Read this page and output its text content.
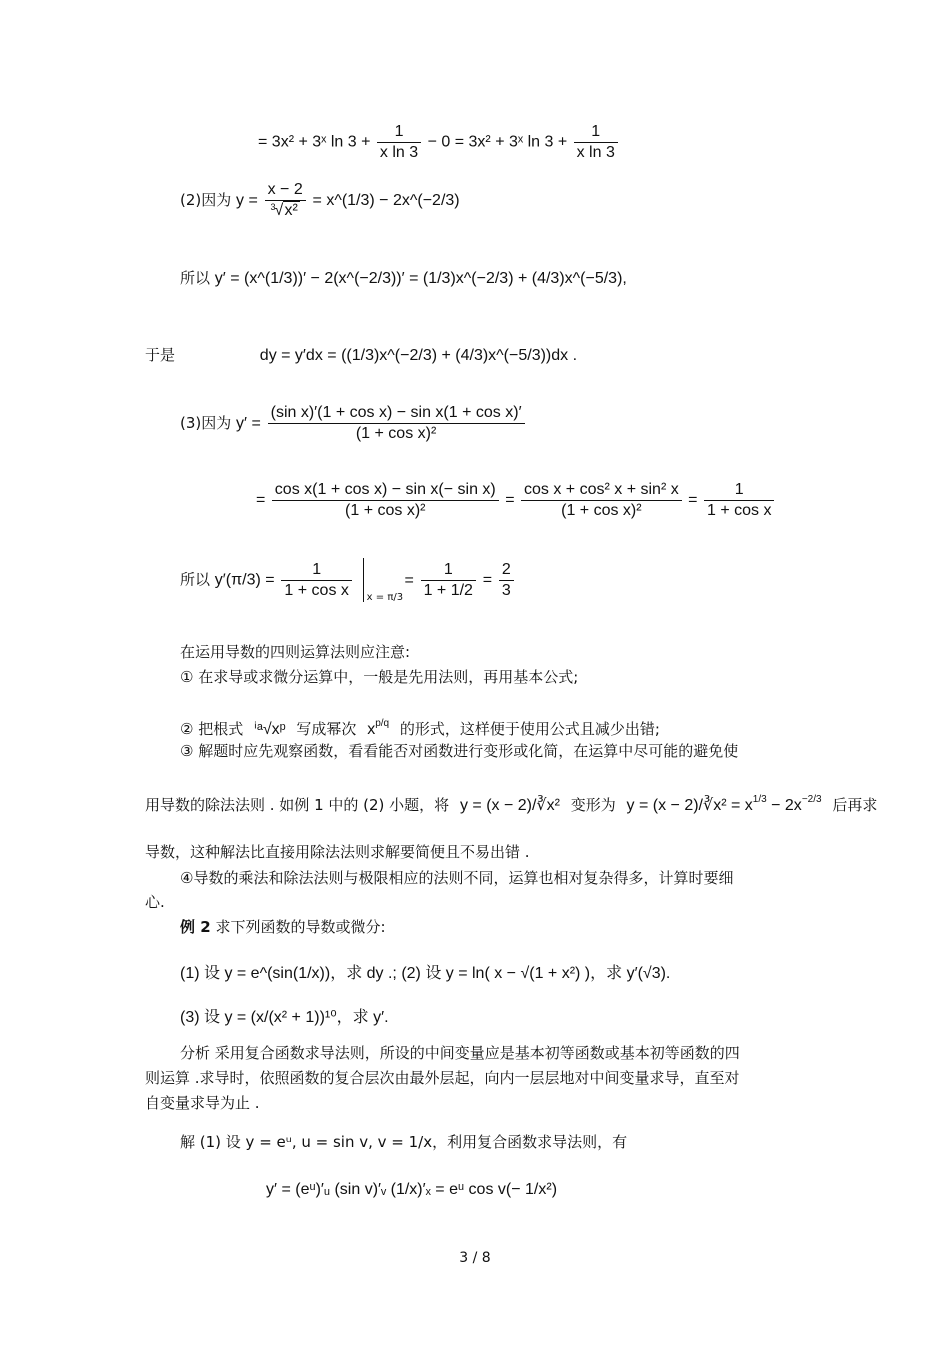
= 3x² + 3ˣ $\ln 3 + \frac{1}{\text{x ln 3}} - 0 = 3x^2$ + 3ˣ $\ln 3 + \frac{1}{\text{x ln 3}}$
(2)因为 y = x − 2
3
√ x² = x^(1/3) − 2x^(−2/3)
所以 y′ = (x^(1/3))′ − 2(x^(−2/3))′ = (1/3)x^(−2/3) + (4/3)x^(−5/3),
于是	dy = y′dx = ((1/3)x^(−2/3) + (4/3)x^(−5/3))dx .
(3)因为 $y' = \frac{\text{(sin x)′(1 + cos x) − sin x(1 + cos x)′}}{\text{(1 + cos x)²}}$
= $\frac{\text{cos x(1 + cos x) − sin x(− sin x)}}{\text{(1 + cos x)²}} = \frac{\text{cos x + cos² x + sin² x}}{\text{(1 + cos x)²}} = \frac{1}{\text{1 + cos x}}$
所以 $y'(\pi/3) = \frac{1}{\text{1 + cos x}}$
x = π/3
= $\frac{1}{1 + 1/2} = \frac{2}{3}$
在运用导数的四则运算法则应注意:
① 在求导或求微分运算中，一般是先用法则，再用基本公式;
② 把根式 ⁱᵃ√xᵖ 写成幂次 $x^{p/q}$ 的形式，这样便于使用公式且减少出错;
③ 解题时应先观察函数，看看能否对函数进行变形或化简，在运算中尽可能的避免使
用导数的除法法则 . 如例 1 中的 (2) 小题，将 y = (x − 2)/∛x² 变形为 y = (x − 2)/∛x² = $x^{1/3} - 2x^{-2/3}$ 后再求
导数，这种解法比直接用除法法则求解要简便且不易出错 .
④导数的乘法和除法法则与极限相应的法则不同，运算也相对复杂得多，计算时要细
心.
例 2 求下列函数的导数或微分:
(1) 设 y = e^(sin(1/x))，求 dy .; (2) 设 y = ln( x − √(1 + x²) )，求 y′(√3).
(3) 设 y = (x/(x² + 1))¹⁰，求 y′.
分析 采用复合函数求导法则，所设的中间变量应是基本初等函数或基本初等函数的四
则运算 .求导时，依照函数的复合层次由最外层起，向内一层层地对中间变量求导，直至对
自变量求导为止 .
解 (1) 设 y = eᵘ, u = sin v, v = 1/x，利用复合函数求导法则，有
y′ = (eᵘ)′ᵤ (sin v)′ᵥ (1/x)′ₓ = eᵘ cos v(− 1/x²)
3 / 8
